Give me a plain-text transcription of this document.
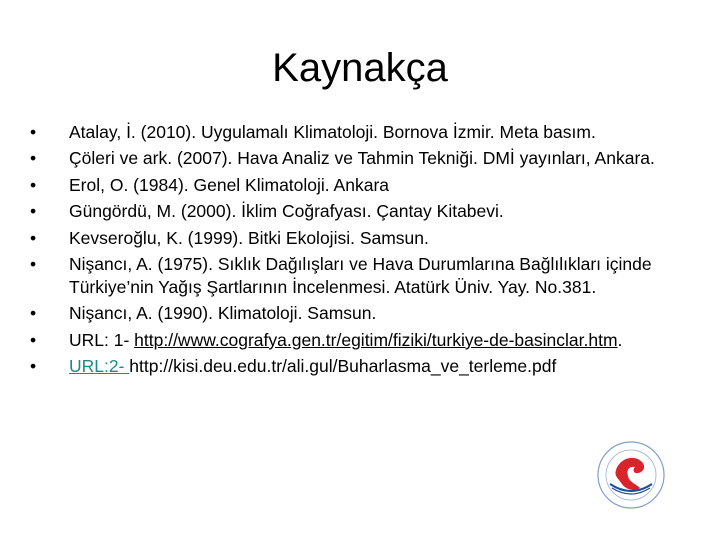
Kaynakça
•	Atalay, İ. (2010). Uygulamalı Klimatoloji. Bornova İzmir. Meta basım.
•	Çöleri ve ark. (2007). Hava Analiz ve Tahmin Tekniği. DMİ yayınları, Ankara.
•	Erol, O. (1984). Genel Klimatoloji. Ankara
•	Güngördü, M. (2000). İklim Coğrafyası. Çantay Kitabevi.
•	Kevseroğlu, K. (1999). Bitki Ekolojisi. Samsun.
•	Nişancı, A. (1975). Sıklık Dağılışları ve Hava Durumlarına Bağlılıkları içinde Türkiye’nin Yağış Şartlarının İncelenmesi. Atatürk Üniv. Yay. No.381.
•	Nişancı, A. (1990). Klimatoloji. Samsun.
•	URL: 1- http://www.cografya.gen.tr/egitim/fiziki/turkiye-de-basinclar.htm.
•	URL:2- http://kisi.deu.edu.tr/ali.gul/Buharlasma_ve_terleme.pdf
